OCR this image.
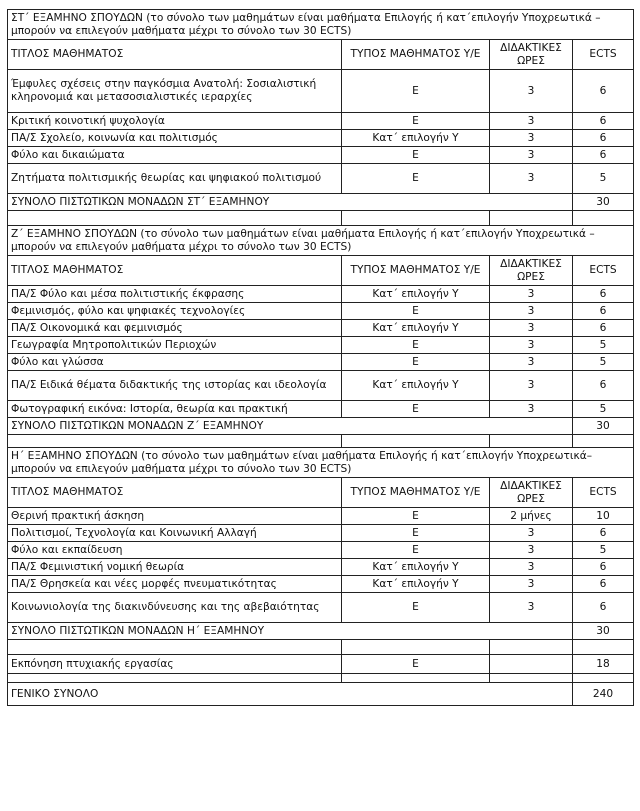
ΣΤ΄ ΕΞΑΜΗΝΟ ΣΠΟΥΔΩΝ (το σύνολο των μαθημάτων είναι μαθήματα Επιλογής ή κατ΄επιλογήν Υποχρεωτικά – μπορούν να επιλεγούν μαθήματα μέχρι το σύνολο των 30 ECTS)			
ΤΙΤΛΟΣ ΜΑΘΗΜΑΤΟΣ	ΤΥΠΟΣ ΜΑΘΗΜΑΤΟΣ Υ/Ε	ΔΙΔΑΚΤΙΚΕΣ ΩΡΕΣ	ECTS
Έμφυλες σχέσεις στην παγκόσμια Ανατολή: Σοσιαλιστική κληρονομιά και μετασοσιαλιστικές ιεραρχίες	Ε	3	6
Κριτική κοινοτική ψυχολογία	Ε	3	6
ΠΑ/Σ Σχολείο, κοινωνία και πολιτισμός	Κατ΄ επιλογήν Υ	3	6
Φύλο και δικαιώματα	Ε	3	6
Ζητήματα πολιτισμικής θεωρίας και ψηφιακού πολιτισμού	Ε	3	5
ΣΥΝΟΛΟ ΠΙΣΤΩΤΙΚΩΝ ΜΟΝΑΔΩΝ ΣΤ΄ ΕΞΑΜΗΝΟΥ			30

Ζ΄ ΕΞΑΜΗΝΟ ΣΠΟΥΔΩΝ (το σύνολο των μαθημάτων είναι μαθήματα Επιλογής ή κατ΄επιλογήν Υποχρεωτικά – μπορούν να επιλεγούν μαθήματα μέχρι το σύνολο των 30 ECTS)			
ΤΙΤΛΟΣ ΜΑΘΗΜΑΤΟΣ	ΤΥΠΟΣ ΜΑΘΗΜΑΤΟΣ Υ/Ε	ΔΙΔΑΚΤΙΚΕΣ ΩΡΕΣ	ECTS
ΠΑ/Σ Φύλο και μέσα πολιτιστικής έκφρασης	Κατ΄ επιλογήν Υ	3	6
Φεμινισμός, φύλο και ψηφιακές τεχνολογίες	Ε	3	6
ΠΑ/Σ Οικονομικά και φεμινισμός	Κατ΄ επιλογήν Υ	3	6
Γεωγραφία Μητροπολιτικών Περιοχών	Ε	3	5
Φύλο και γλώσσα	Ε	3	5
ΠΑ/Σ Ειδικά θέματα διδακτικής της ιστορίας και ιδεολογία	Κατ΄ επιλογήν Υ	3	6
Φωτογραφική εικόνα: Ιστορία, θεωρία και πρακτική	Ε	3	5
ΣΥΝΟΛΟ ΠΙΣΤΩΤΙΚΩΝ ΜΟΝΑΔΩΝ Ζ΄ ΕΞΑΜΗΝΟΥ			30

Η΄ ΕΞΑΜΗΝΟ ΣΠΟΥΔΩΝ (το σύνολο των μαθημάτων είναι μαθήματα Επιλογής ή κατ΄επιλογήν Υποχρεωτικά– μπορούν να επιλεγούν μαθήματα μέχρι το σύνολο των 30 ECTS)			
ΤΙΤΛΟΣ ΜΑΘΗΜΑΤΟΣ	ΤΥΠΟΣ ΜΑΘΗΜΑΤΟΣ Υ/Ε	ΔΙΔΑΚΤΙΚΕΣ ΩΡΕΣ	ECTS
Θερινή πρακτική άσκηση	Ε	2 μήνες	10
Πολιτισμοί, Τεχνολογία και Κοινωνική Αλλαγή	Ε	3	6
Φύλο και εκπαίδευση	Ε	3	5
ΠΑ/Σ Φεμινιστική νομική θεωρία	Κατ΄ επιλογήν Υ	3	6
ΠΑ/Σ Θρησκεία και νέες μορφές πνευματικότητας	Κατ΄ επιλογήν Υ	3	6
Κοινωνιολογία της διακινδύνευσης και της αβεβαιότητας	Ε	3	6
ΣΥΝΟΛΟ ΠΙΣΤΩΤΙΚΩΝ ΜΟΝΑΔΩΝ Η΄ ΕΞΑΜΗΝΟΥ			30

Εκπόνηση πτυχιακής εργασίας	Ε		18

ΓΕΝΙΚΟ ΣΥΝΟΛΟ			240
